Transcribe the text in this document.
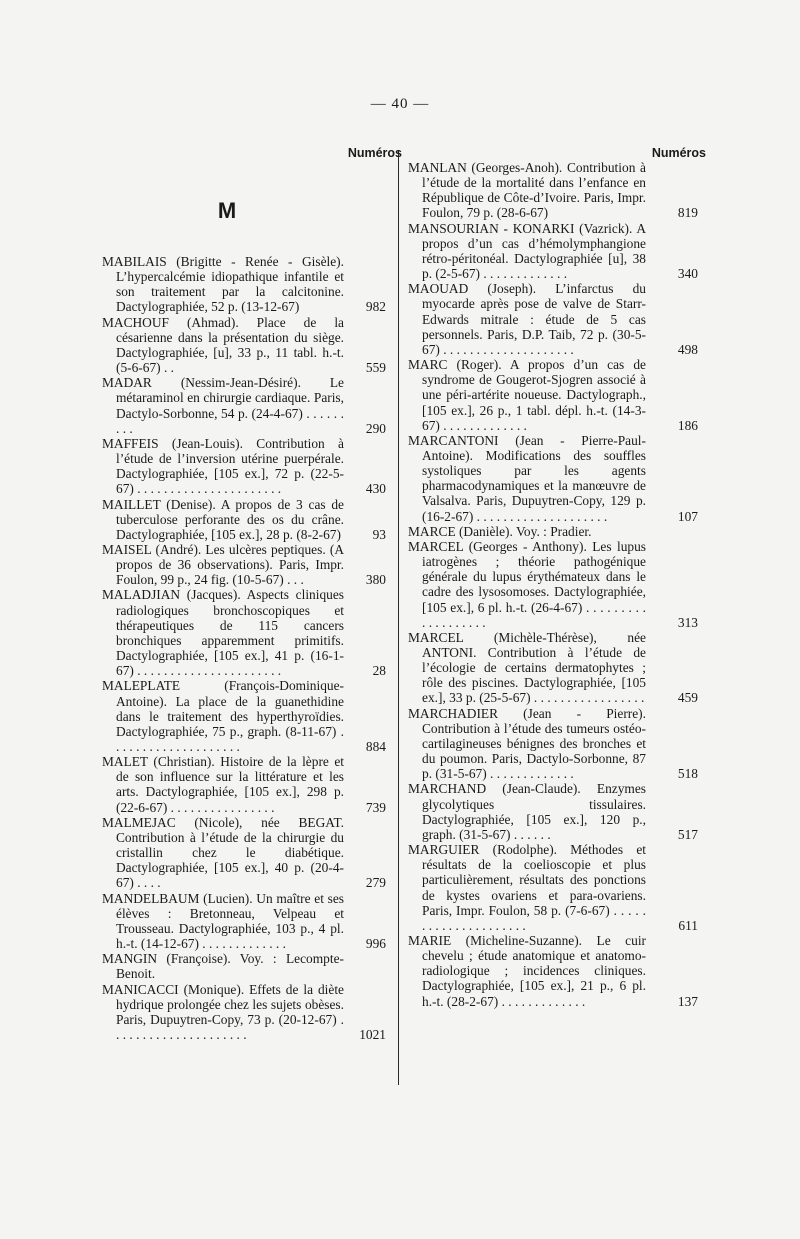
— 40 —
Numéros
M
MABILAIS (Brigitte - Renée - Gisèle). L’hypercalcémie idiopathique infantile et son traitement par la calcitonine. Dactylographiée, 52 p. (13-12-67)	982
MACHOUF (Ahmad). Place de la césarienne dans la présentation du siège. Dactylographiée, [u], 33 p., 11 tabl. h.-t. (5-6-67) . .	559
MADAR (Nessim-Jean-Désiré). Le métaraminol en chirurgie cardiaque. Paris, Dactylo-Sorbonne, 54 p. (24-4-67) . . . . . . . . .	290
MAFFEIS (Jean-Louis). Contribution à l’étude de l’inversion utérine puerpérale. Dactylographiée, [105 ex.], 72 p. (22-5-67) . . . . . . . . . . . . . . . . . . . . . .	430
MAILLET (Denise). A propos de 3 cas de tuberculose perforante des os du crâne. Dactylographiée, [105 ex.], 28 p. (8-2-67) 93
MAISEL (André). Les ulcères peptiques. (A propos de 36 observations). Paris, Impr. Foulon, 99 p., 24 fig. (10-5-67) . . .	380
MALADJIAN (Jacques). Aspects cliniques radiologiques bronchoscopiques et thérapeutiques de 115 cancers bronchiques apparemment primitifs. Dactylographiée, [105 ex.], 41 p. (16-1-67) . . . . . . . . . . . . . . . . . . . . . .	28
MALEPLATE (François-Dominique-Antoine). La place de la guanethidine dans le traitement des hyperthyroïdies. Dactylographiée, 75 p., graph. (8-11-67) . . . . . . . . . . . . . . . . . . . .	884
MALET (Christian). Histoire de la lèpre et de son influence sur la littérature et les arts. Dactylographiée, [105 ex.], 298 p. (22-6-67) . . . . . . . . . . . . . . . .	739
MALMEJAC (Nicole), née BEGAT. Contribution à l’étude de la chirurgie du cristallin chez le diabétique. Dactylographiée, [105 ex.], 40 p. (20-4-67) . . . .	279
MANDELBAUM (Lucien). Un maître et ses élèves : Bretonneau, Velpeau et Trousseau. Dactylographiée, 103 p., 4 pl. h.-t. (14-12-67) . . . . . . . . . . . . .	996
MANGIN (Françoise). Voy. : Lecompte-Benoit.
MANICACCI (Monique). Effets de la diète hydrique prolongée chez les sujets obèses. Paris, Dupuytren-Copy, 73 p. (20-12-67) . . . . . . . . . . . . . . . . . . . . .	1021
Numéros
MANLAN (Georges-Anoh). Contribution à l’étude de la mortalité dans l’enfance en République de Côte-d’Ivoire. Paris, Impr. Foulon, 79 p. (28-6-67)	819
MANSOURIAN - KONARKI (Vazrick). A propos d’un cas d’hémolymphangione rétro-péritonéal. Dactylographiée [u], 38 p. (2-5-67) . . . . . . . . . . . . .	340
MAOUAD (Joseph). L’infarctus du myocarde après pose de valve de Starr-Edwards mitrale : étude de 5 cas personnels. Paris, D.P. Taib, 72 p. (30-5-67) . . . . . . . . . . . . . . . . . . . .	498
MARC (Roger). A propos d’un cas de syndrome de Gougerot-Sjogren associé à une péri-artérite noueuse. Dactylograph., [105 ex.], 26 p., 1 tabl. dépl. h.-t. (14-3-67) . . . . . . . . . . . . .	186
MARCANTONI (Jean - Pierre-Paul-Antoine). Modifications des souffles systoliques par les agents pharmacodynamiques et la manœuvre de Valsalva. Paris, Dupuytren-Copy, 129 p. (16-2-67) . . . . . . . . . . . . . . . . . . . .	107
MARCE (Danièle). Voy. : Pradier.
MARCEL (Georges - Anthony). Les lupus iatrogènes ; théorie pathogénique générale du lupus érythémateux dans le cadre des lysosomoses. Dactylographiée, [105 ex.], 6 pl. h.-t. (26-4-67) . . . . . . . . . . . . . . . . . . .	313
MARCEL (Michèle-Thérèse), née ANTONI. Contribution à l’étude de l’écologie de certains dermatophytes ; rôle des piscines. Dactylographiée, [105 ex.], 33 p. (25-5-67) . . . . . . . . . . . . . . . . .	459
MARCHADIER (Jean - Pierre). Contribution à l’étude des tumeurs ostéo-cartilagineuses bénignes des bronches et du poumon. Paris, Dactylo-Sorbonne, 87 p. (31-5-67) . . . . . . . . . . . . .	518
MARCHAND (Jean-Claude). Enzymes glycolytiques tissulaires. Dactylographiée, [105 ex.], 120 p., graph. (31-5-67) . . . . . .	517
MARGUIER (Rodolphe). Méthodes et résultats de la coelioscopie et plus particulièrement, résultats des ponctions de kystes ovariens et para-ovariens. Paris, Impr. Foulon, 58 p. (7-6-67) . . . . . . . . . . . . . . . . . . . . .	611
MARIE (Micheline-Suzanne). Le cuir chevelu ; étude anatomique et anatomo-radiologique ; incidences cliniques. Dactylographiée, [105 ex.], 21 p., 6 pl. h.-t. (28-2-67) . . . . . . . . . . . . .	137
